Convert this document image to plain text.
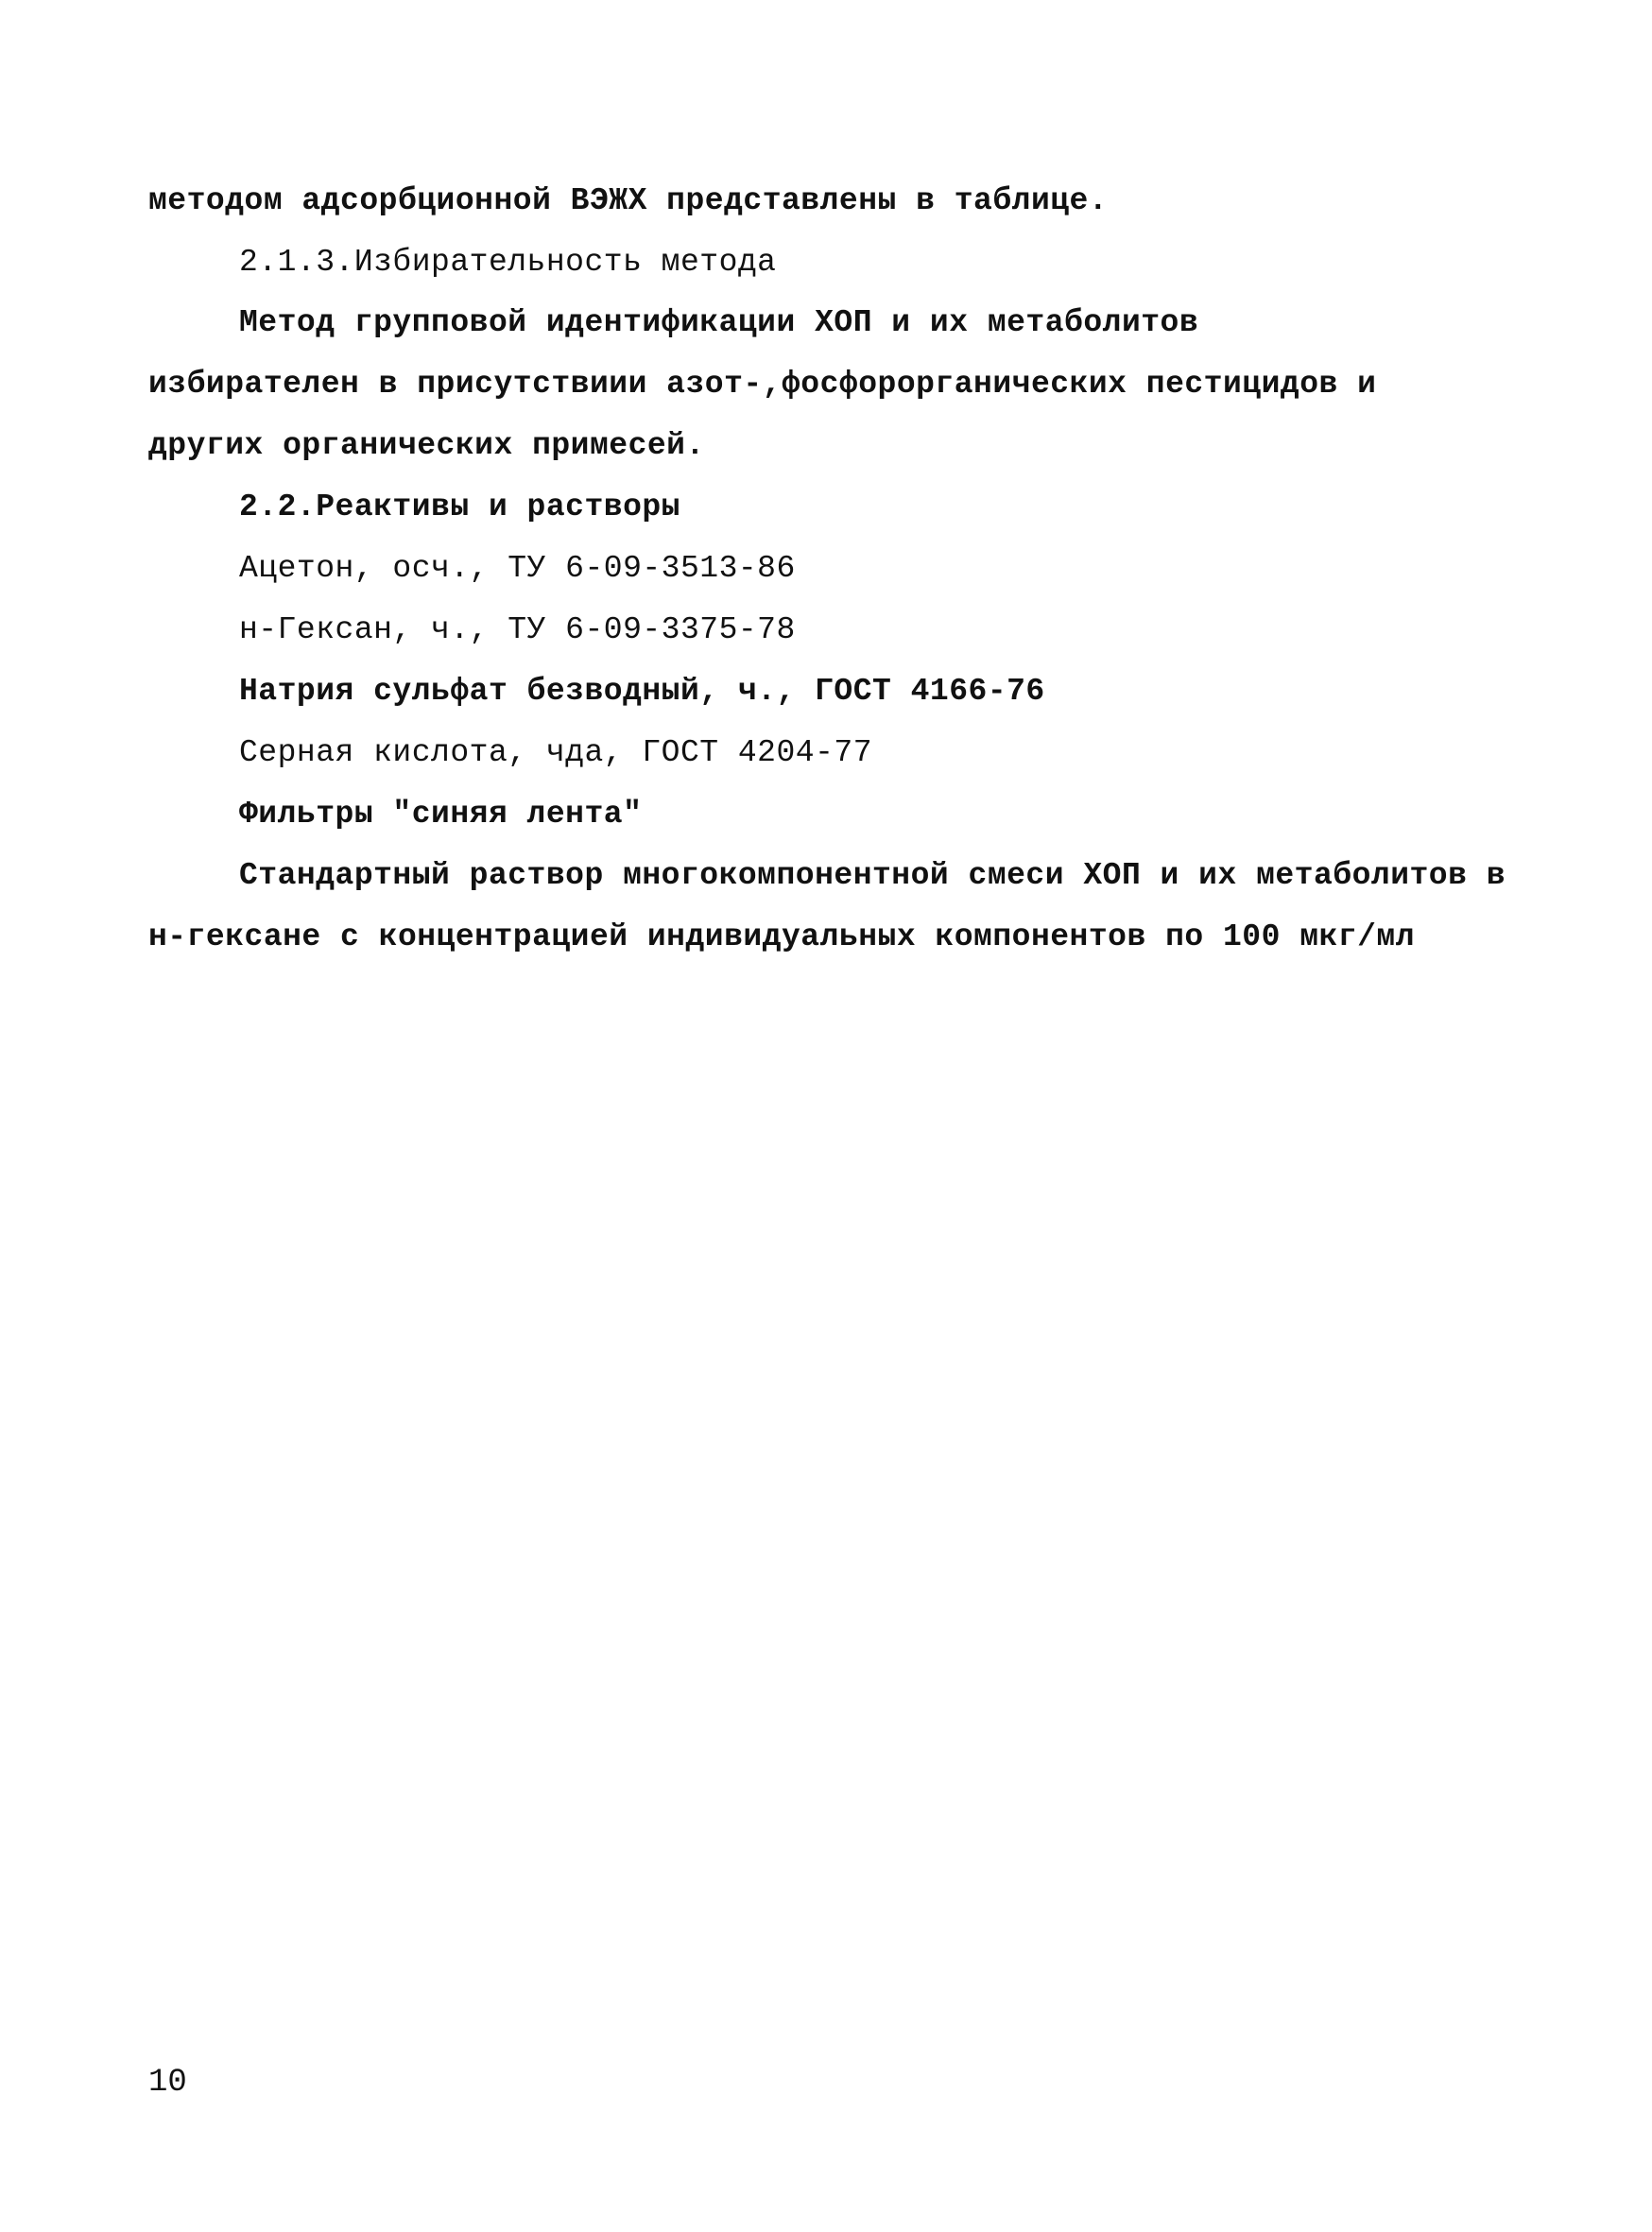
методом адсорбционной ВЭЖХ представлены в таблице.
2.1.3.Избирательность метода
Метод групповой идентификации ХОП и их метаболитов
избирателен в присутствиии азот-,фосфорорганических пестицидов и
других органических примесей.
2.2.Реактивы и растворы
Ацетон, осч., ТУ 6-09-3513-86
н-Гексан, ч., ТУ 6-09-3375-78
Натрия сульфат безводный, ч., ГОСТ 4166-76
Серная кислота, чда, ГОСТ 4204-77
Фильтры "синяя лента"
Стандартный раствор многокомпонентной смеси ХОП и их метаболитов в
н-гексане с концентрацией индивидуальных компонентов по 100 мкг/мл
10
